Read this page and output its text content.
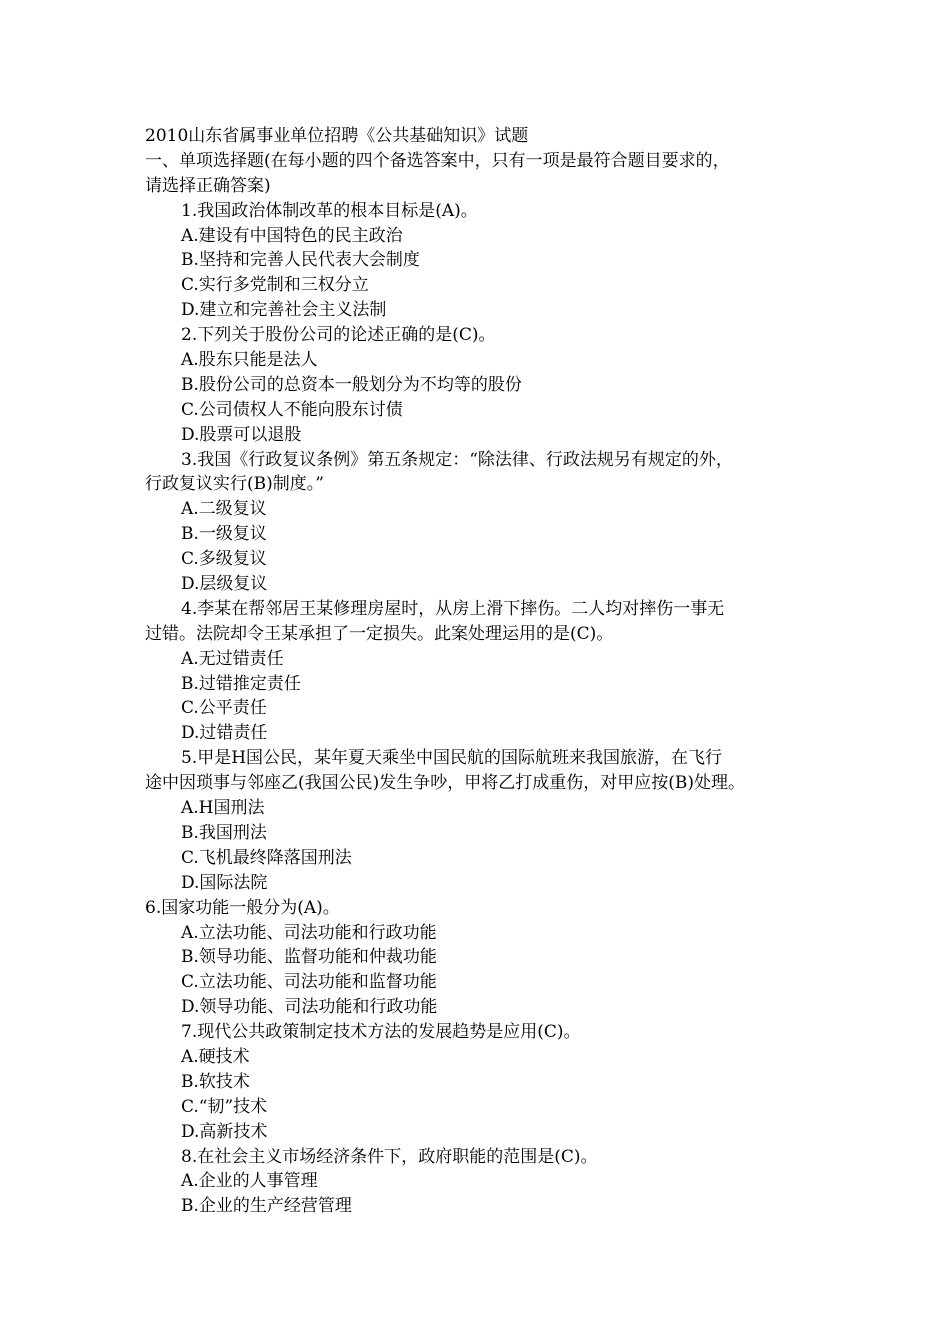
2010山东省属事业单位招聘《公共基础知识》试题
一、单项选择题(在每小题的四个备选答案中，只有一项是最符合题目要求的，
请选择正确答案)
1.我国政治体制改革的根本目标是(A)。
A.建设有中国特色的民主政治
B.坚持和完善人民代表大会制度
C.实行多党制和三权分立
D.建立和完善社会主义法制
2.下列关于股份公司的论述正确的是(C)。
A.股东只能是法人
B.股份公司的总资本一般划分为不均等的股份
C.公司债权人不能向股东讨债
D.股票可以退股
3.我国《行政复议条例》第五条规定：“除法律、行政法规另有规定的外，
行政复议实行(B)制度。”
A.二级复议
B.一级复议
C.多级复议
D.层级复议
4.李某在帮邻居王某修理房屋时，从房上滑下摔伤。二人均对摔伤一事无
过错。法院却令王某承担了一定损失。此案处理运用的是(C)。
A.无过错责任
B.过错推定责任
C.公平责任
D.过错责任
5.甲是H国公民，某年夏天乘坐中国民航的国际航班来我国旅游，在飞行
途中因琐事与邻座乙(我国公民)发生争吵，甲将乙打成重伤，对甲应按(B)处理。
A.H国刑法
B.我国刑法
C.飞机最终降落国刑法
D.国际法院
6.国家功能一般分为(A)。
A.立法功能、司法功能和行政功能
B.领导功能、监督功能和仲裁功能
C.立法功能、司法功能和监督功能
D.领导功能、司法功能和行政功能
7.现代公共政策制定技术方法的发展趋势是应用(C)。
A.硬技术
B.软技术
C.“韧”技术
D.高新技术
8.在社会主义市场经济条件下，政府职能的范围是(C)。
A.企业的人事管理
B.企业的生产经营管理
